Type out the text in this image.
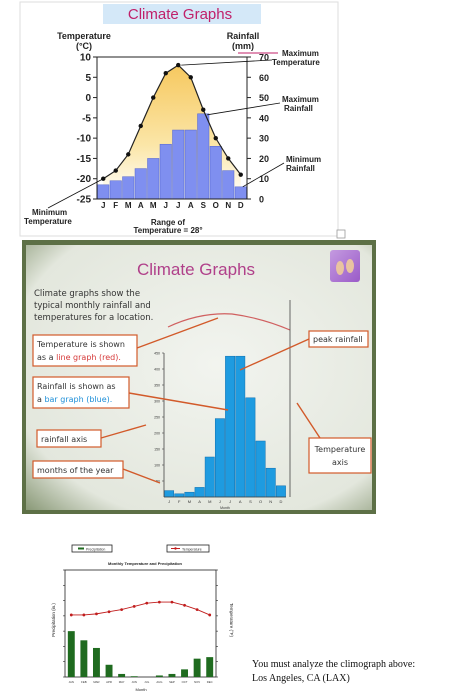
Climate Graphs
Temperature
(°C)
Rainfall
(mm)
10
5
0
-5
-10
-15
-20
-25
70
60
50
40
30
20
10
0
J F M A M J J A S O N D
Maximum
Temperature
Maximum
Rainfall
Minimum
Rainfall
Minimum
Temperature	Range of
Temperature = 28°
Climate Graphs
Climate graphs show the
typical monthly rainfall and
temperatures for a location.
450
400
350
300
250
200
150
100
50
J F M A M J J A S O N D
Month
Temperature is shown
as a line graph (red).
Rainfall is shown as
a bar graph (blue).
rainfall axis
months of the year
peak rainfall
Temperature
axis
Precipitation	Temperature
Monthly Temperature and Precipitation
Precipitation (in.)	Temperature (°F)
Month
JAN	FEB MAR APR MAY JUN	JUL	AUG SEP OCT NOV DEC
You must analyze the climograph above:
Los Angeles, CA (LAX)
